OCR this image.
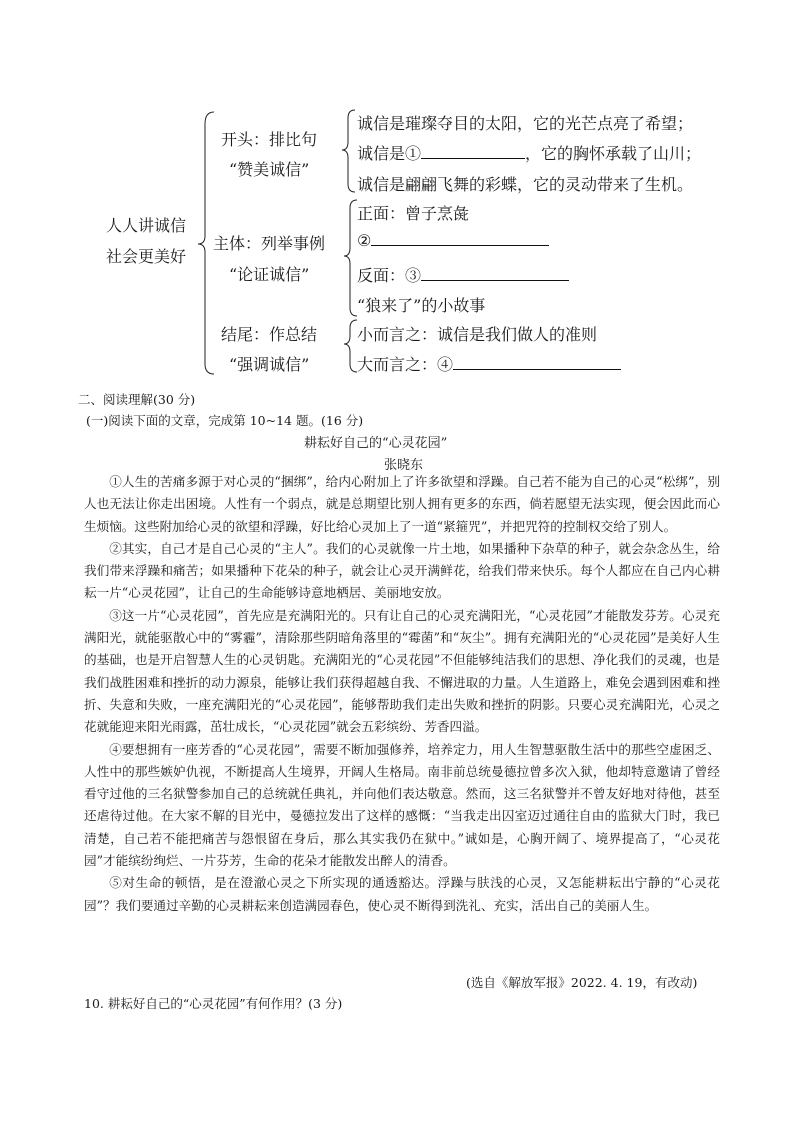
人人讲诚信
社会更美好
开头：排比句
“赞美诚信”
诚信是璀璨夺目的太阳，它的光芒点亮了希望；
诚信是①	，它的胸怀承载了山川；
诚信是翩翩飞舞的彩蝶，它的灵动带来了生机。
主体：列举事例
“论证诚信”
正面：曾子烹彘
②
反面：③
“狼来了”的小故事
结尾：作总结
“强调诚信”
小而言之：诚信是我们做人的准则
大而言之：④
二、阅读理解(30 分)
(一)阅读下面的文章，完成第 10~14 题。(16 分)
耕耘好自己的“心灵花园”
张晓东

①人生的苦痛多源于对心灵的“捆绑”，给内心附加上了许多欲望和浮躁。自己若不能为自己的心灵“松绑”，别人也无法让你走出困境。人性有一个弱点，就是总期望比别人拥有更多的东西，倘若愿望无法实现，便会因此而心生烦恼。这些附加给心灵的欲望和浮躁，好比给心灵加上了一道“紧箍咒”，并把咒符的控制权交给了别人。

②其实，自己才是自己心灵的“主人”。我们的心灵就像一片土地，如果播种下杂草的种子，就会杂念丛生，给我们带来浮躁和痛苦；如果播种下花朵的种子，就会让心灵开满鲜花，给我们带来快乐。每个人都应在自己内心耕耘一片“心灵花园”，让自己的生命能够诗意地栖居、美丽地安放。

③这一片“心灵花园”，首先应是充满阳光的。只有让自己的心灵充满阳光，“心灵花园”才能散发芬芳。心灵充满阳光，就能驱散心中的“雾霾”，清除那些阴暗角落里的“霉菌”和“灰尘”。拥有充满阳光的“心灵花园”是美好人生的基础，也是开启智慧人生的心灵钥匙。充满阳光的“心灵花园”不但能够纯洁我们的思想、净化我们的灵魂，也是我们战胜困难和挫折的动力源泉，能够让我们获得超越自我、不懈进取的力量。人生道路上，难免会遇到困难和挫折、失意和失败，一座充满阳光的“心灵花园”，能够帮助我们走出失败和挫折的阴影。只要心灵充满阳光，心灵之花就能迎来阳光雨露，茁壮成长，“心灵花园”就会五彩缤纷、芳香四溢。

④要想拥有一座芳香的“心灵花园”，需要不断加强修养，培养定力，用人生智慧驱散生活中的那些空虚困乏、人性中的那些嫉妒仇视，不断提高人生境界，开阔人生格局。南非前总统曼德拉曾多次入狱，他却特意邀请了曾经看守过他的三名狱警参加自己的总统就任典礼，并向他们表达敬意。然而，这三名狱警并不曾友好地对待他，甚至还虐待过他。在大家不解的目光中，曼德拉发出了这样的感慨：“当我走出囚室迈过通往自由的监狱大门时，我已清楚，自己若不能把痛苦与怨恨留在身后，那么其实我仍在狱中。”诚如是，心胸开阔了、境界提高了，“心灵花园”才能缤纷绚烂、一片芬芳，生命的花朵才能散发出醉人的清香。

⑤对生命的顿悟，是在澄澈心灵之下所实现的通透豁达。浮躁与肤浅的心灵，又怎能耕耘出宁静的“心灵花园”？我们要通过辛勤的心灵耕耘来创造满园春色，使心灵不断得到洗礼、充实，活出自己的美丽人生。

(选自《解放军报》2022. 4. 19，有改动)
10. 耕耘好自己的“心灵花园”有何作用？(3 分)
